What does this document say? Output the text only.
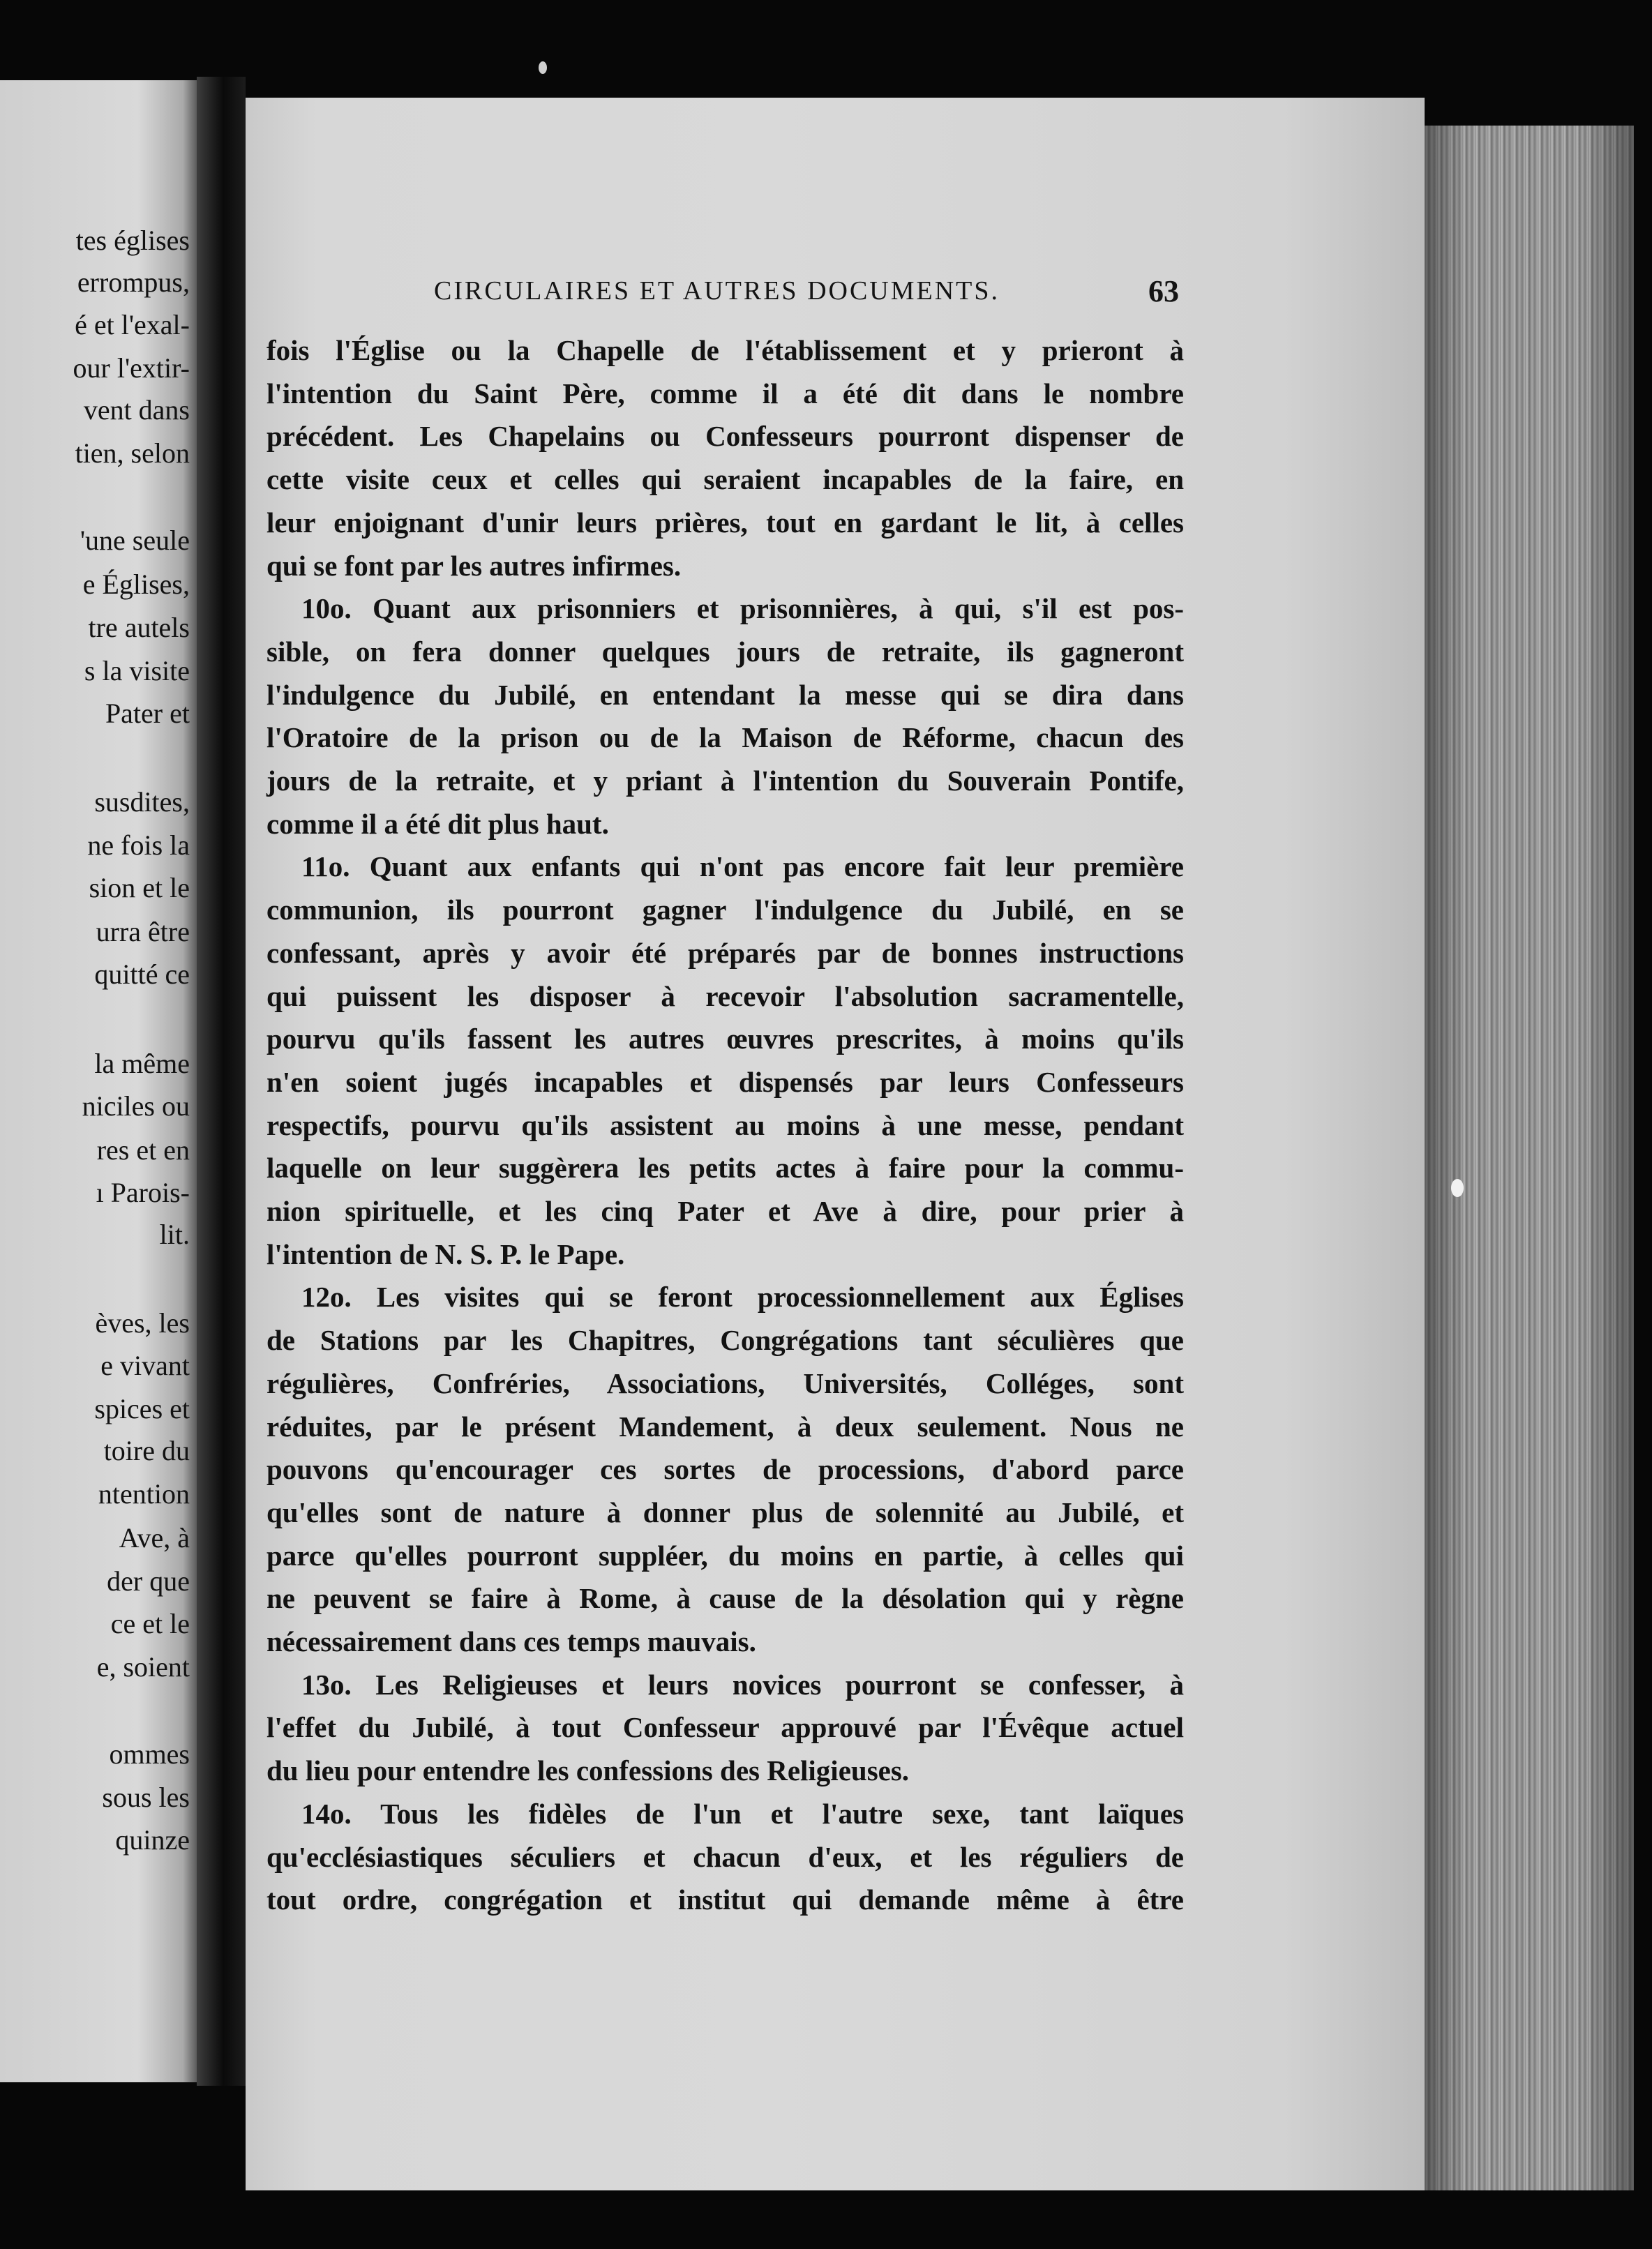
tes églises
errompus,
é et l'exal-
our l'extir-
vent dans
tien, selon
'une seule
e Églises,
tre autels
s la visite
Pater et
susdites,
ne fois la
sion et le
urra être
quitté ce
la même
niciles ou
res et en
ı Parois-
lit.
èves, les
e vivant
spices et
toire du
ntention
Ave, à
der que
ce et le
e, soient
ommes
sous les
quinze
CIRCULAIRES ET AUTRES DOCUMENTS.	63
fois l'Église ou la Chapelle de l'établissement et y prieront à
l'intention du Saint Père, comme il a été dit dans le nombre
précédent. Les Chapelains ou Confesseurs pourront dispenser de
cette visite ceux et celles qui seraient incapables de la faire, en
leur enjoignant d'unir leurs prières, tout en gardant le lit, à celles
qui se font par les autres infirmes.
10o. Quant aux prisonniers et prisonnières, à qui, s'il est pos-
sible, on fera donner quelques jours de retraite, ils gagneront
l'indulgence du Jubilé, en entendant la messe qui se dira dans
l'Oratoire de la prison ou de la Maison de Réforme, chacun des
jours de la retraite, et y priant à l'intention du Souverain Pontife,
comme il a été dit plus haut.
11o. Quant aux enfants qui n'ont pas encore fait leur première
communion, ils pourront gagner l'indulgence du Jubilé, en se
confessant, après y avoir été préparés par de bonnes instructions
qui puissent les disposer à recevoir l'absolution sacramentelle,
pourvu qu'ils fassent les autres œuvres prescrites, à moins qu'ils
n'en soient jugés incapables et dispensés par leurs Confesseurs
respectifs, pourvu qu'ils assistent au moins à une messe, pendant
laquelle on leur suggèrera les petits actes à faire pour la commu-
nion spirituelle, et les cinq Pater et Ave à dire, pour prier à
l'intention de N. S. P. le Pape.
12o. Les visites qui se feront processionnellement aux Églises
de Stations par les Chapitres, Congrégations tant séculières que
régulières, Confréries, Associations, Universités, Colléges, sont
réduites, par le présent Mandement, à deux seulement. Nous ne
pouvons qu'encourager ces sortes de processions, d'abord parce
qu'elles sont de nature à donner plus de solennité au Jubilé, et
parce qu'elles pourront suppléer, du moins en partie, à celles qui
ne peuvent se faire à Rome, à cause de la désolation qui y règne
nécessairement dans ces temps mauvais.
13o. Les Religieuses et leurs novices pourront se confesser, à
l'effet du Jubilé, à tout Confesseur approuvé par l'Évêque actuel
du lieu pour entendre les confessions des Religieuses.
14o. Tous les fidèles de l'un et l'autre sexe, tant laïques
qu'ecclésiastiques séculiers et chacun d'eux, et les réguliers de
tout ordre, congrégation et institut qui demande même à être
